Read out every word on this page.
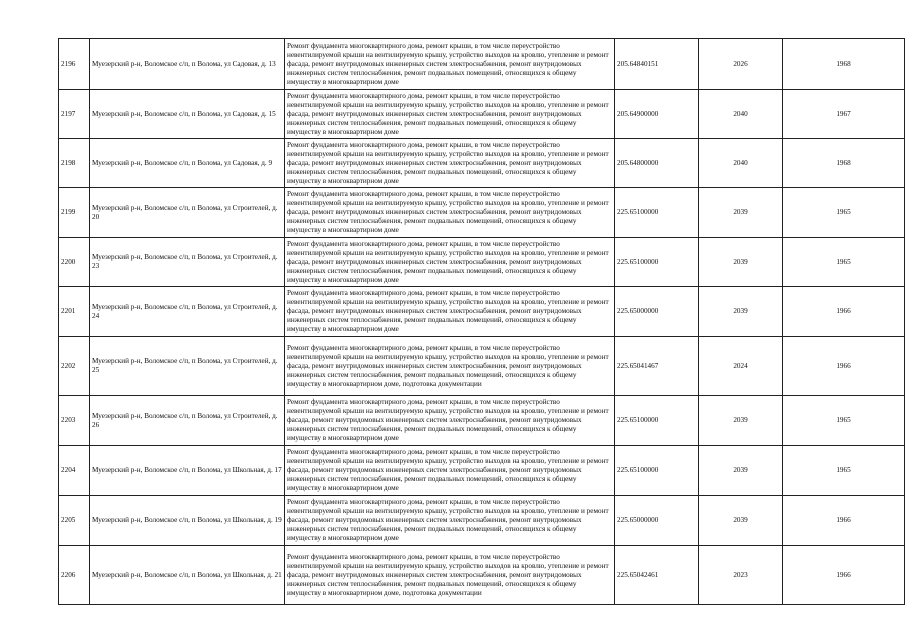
2196	Муезерский р-н, Воломское с/п, п Волома, ул Садовая, д. 13	Ремонт фундамента многоквартирного дома, ремонт крыши, в том числе переустройство невентилируемой крыши на вентилируемую крышу, устройство выходов на кровлю, утепление и ремонт фасада, ремонт внутридомовых инженерных систем электроснабжения, ремонт внутридомовых инженерных систем теплоснабжения, ремонт подвальных помещений, относящихся к общему имуществу в многоквартирном доме	205.64840151	2026	1968
2197	Муезерский р-н, Воломское с/п, п Волома, ул Садовая, д. 15	Ремонт фундамента многоквартирного дома, ремонт крыши, в том числе переустройство невентилируемой крыши на вентилируемую крышу, устройство выходов на кровлю, утепление и ремонт фасада, ремонт внутридомовых инженерных систем электроснабжения, ремонт внутридомовых инженерных систем теплоснабжения, ремонт подвальных помещений, относящихся к общему имуществу в многоквартирном доме	205.64900000	2040	1967
2198	Муезерский р-н, Воломское с/п, п Волома, ул Садовая, д. 9	Ремонт фундамента многоквартирного дома, ремонт крыши, в том числе переустройство невентилируемой крыши на вентилируемую крышу, устройство выходов на кровлю, утепление и ремонт фасада, ремонт внутридомовых инженерных систем электроснабжения, ремонт внутридомовых инженерных систем теплоснабжения, ремонт подвальных помещений, относящихся к общему имуществу в многоквартирном доме	205.64800000	2040	1968
2199	Муезерский р-н, Воломское с/п, п Волома, ул Строителей, д. 20	Ремонт фундамента многоквартирного дома, ремонт крыши, в том числе переустройство невентилируемой крыши на вентилируемую крышу, устройство выходов на кровлю, утепление и ремонт фасада, ремонт внутридомовых инженерных систем электроснабжения, ремонт внутридомовых инженерных систем теплоснабжения, ремонт подвальных помещений, относящихся к общему имуществу в многоквартирном доме	225.65100000	2039	1965
2200	Муезерский р-н, Воломское с/п, п Волома, ул Строителей, д. 23	Ремонт фундамента многоквартирного дома, ремонт крыши, в том числе переустройство невентилируемой крыши на вентилируемую крышу, устройство выходов на кровлю, утепление и ремонт фасада, ремонт внутридомовых инженерных систем электроснабжения, ремонт внутридомовых инженерных систем теплоснабжения, ремонт подвальных помещений, относящихся к общему имуществу в многоквартирном доме	225.65100000	2039	1965
2201	Муезерский р-н, Воломское с/п, п Волома, ул Строителей, д. 24	Ремонт фундамента многоквартирного дома, ремонт крыши, в том числе переустройство невентилируемой крыши на вентилируемую крышу, устройство выходов на кровлю, утепление и ремонт фасада, ремонт внутридомовых инженерных систем электроснабжения, ремонт внутридомовых инженерных систем теплоснабжения, ремонт подвальных помещений, относящихся к общему имуществу в многоквартирном доме	225.65000000	2039	1966
2202	Муезерский р-н, Воломское с/п, п Волома, ул Строителей, д. 25	Ремонт фундамента многоквартирного дома, ремонт крыши, в том числе переустройство невентилируемой крыши на вентилируемую крышу, устройство выходов на кровлю, утепление и ремонт фасада, ремонт внутридомовых инженерных систем электроснабжения, ремонт внутридомовых инженерных систем теплоснабжения, ремонт подвальных помещений, относящихся к общему имуществу в многоквартирном доме, подготовка документации	225.65041467	2024	1966
2203	Муезерский р-н, Воломское с/п, п Волома, ул Строителей, д. 26	Ремонт фундамента многоквартирного дома, ремонт крыши, в том числе переустройство невентилируемой крыши на вентилируемую крышу, устройство выходов на кровлю, утепление и ремонт фасада, ремонт внутридомовых инженерных систем электроснабжения, ремонт внутридомовых инженерных систем теплоснабжения, ремонт подвальных помещений, относящихся к общему имуществу в многоквартирном доме	225.65100000	2039	1965
2204	Муезерский р-н, Воломское с/п, п Волома, ул Школьная, д. 17	Ремонт фундамента многоквартирного дома, ремонт крыши, в том числе переустройство невентилируемой крыши на вентилируемую крышу, устройство выходов на кровлю, утепление и ремонт фасада, ремонт внутридомовых инженерных систем электроснабжения, ремонт внутридомовых инженерных систем теплоснабжения, ремонт подвальных помещений, относящихся к общему имуществу в многоквартирном доме	225.65100000	2039	1965
2205	Муезерский р-н, Воломское с/п, п Волома, ул Школьная, д. 19	Ремонт фундамента многоквартирного дома, ремонт крыши, в том числе переустройство невентилируемой крыши на вентилируемую крышу, устройство выходов на кровлю, утепление и ремонт фасада, ремонт внутридомовых инженерных систем электроснабжения, ремонт внутридомовых инженерных систем теплоснабжения, ремонт подвальных помещений, относящихся к общему имуществу в многоквартирном доме	225.65000000	2039	1966
2206	Муезерский р-н, Воломское с/п, п Волома, ул Школьная, д. 21	Ремонт фундамента многоквартирного дома, ремонт крыши, в том числе переустройство невентилируемой крыши на вентилируемую крышу, устройство выходов на кровлю, утепление и ремонт фасада, ремонт внутридомовых инженерных систем электроснабжения, ремонт внутридомовых инженерных систем теплоснабжения, ремонт подвальных помещений, относящихся к общему имуществу в многоквартирном доме, подготовка документации	225.65042461	2023	1966
